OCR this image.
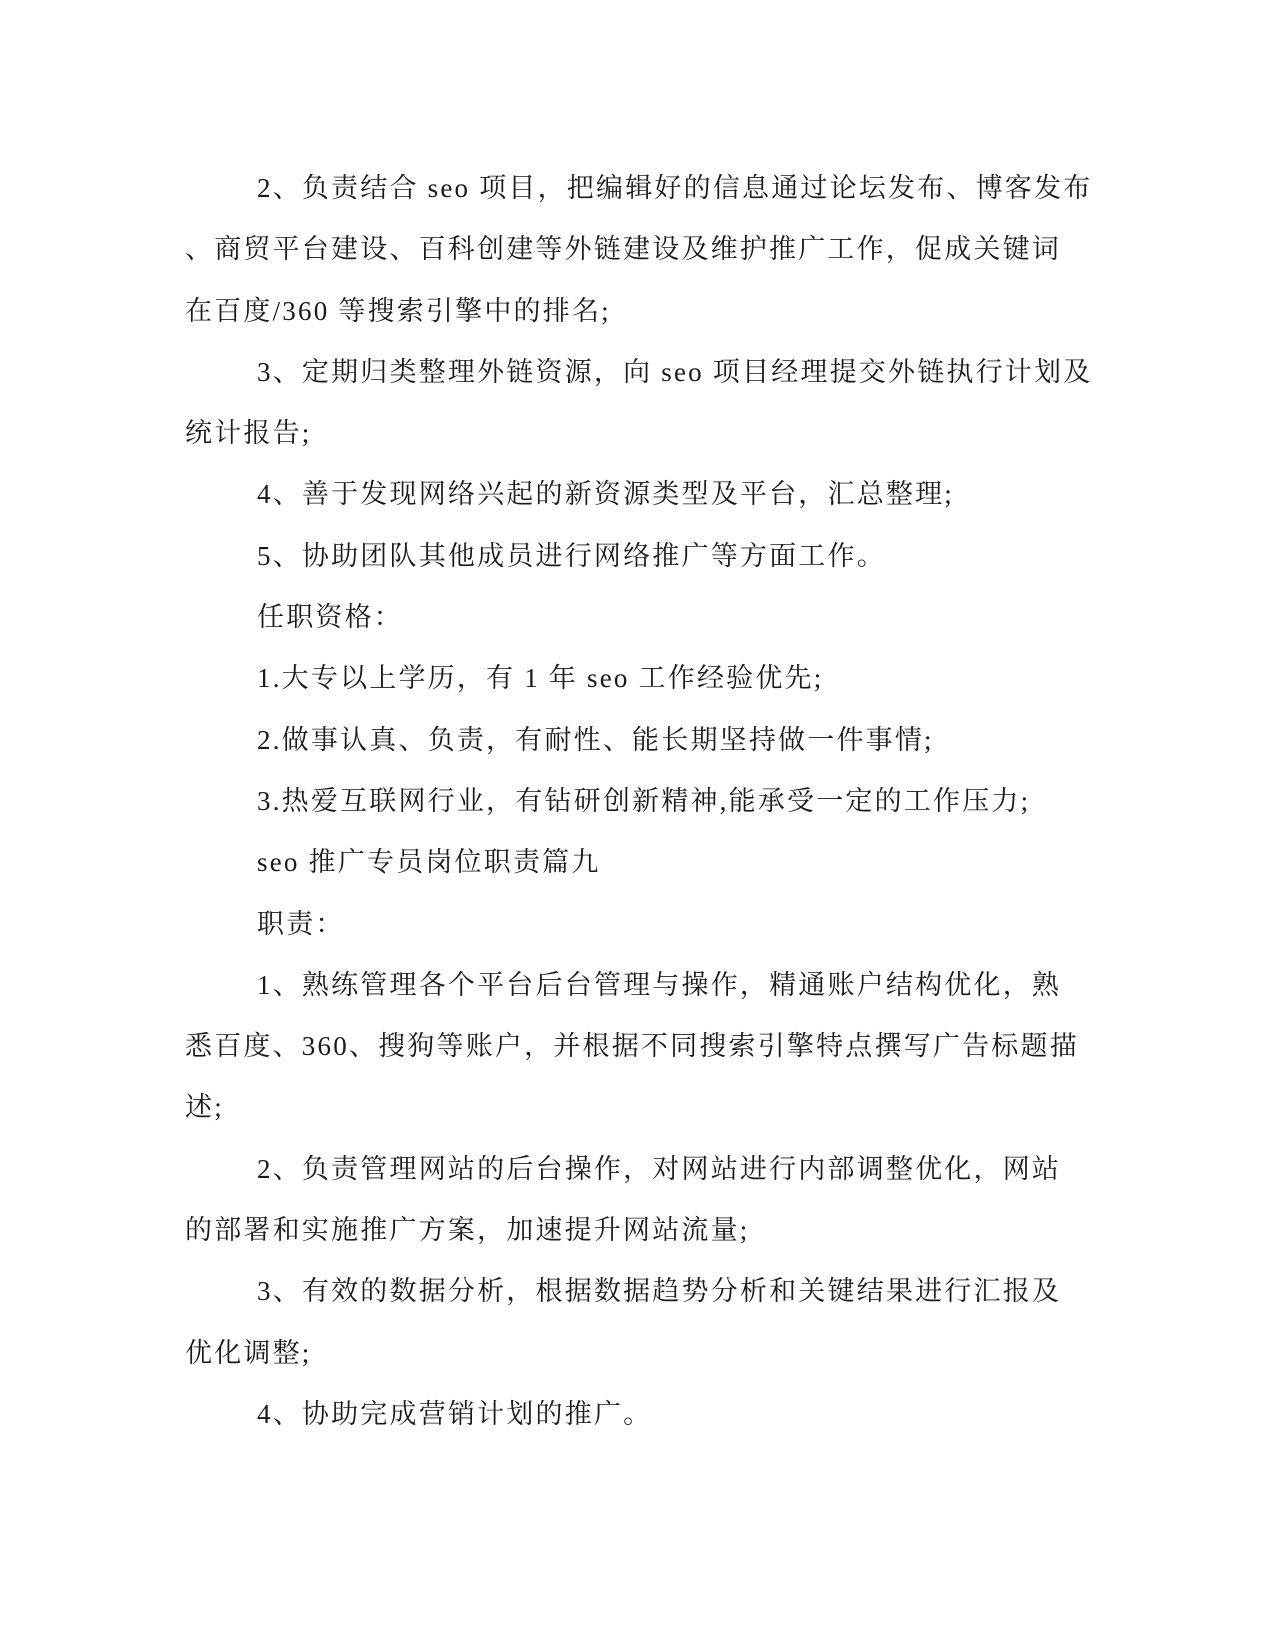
2、负责结合 seo 项目，把编辑好的信息通过论坛发布、博客发布
、商贸平台建设、百科创建等外链建设及维护推广工作，促成关键词
在百度/360 等搜索引擎中的排名;
3、定期归类整理外链资源，向 seo 项目经理提交外链执行计划及
统计报告;
4、善于发现网络兴起的新资源类型及平台，汇总整理;
5、协助团队其他成员进行网络推广等方面工作。
任职资格：
1.大专以上学历，有 1 年 seo 工作经验优先;
2.做事认真、负责，有耐性、能长期坚持做一件事情;
3.热爱互联网行业，有钻研创新精神,能承受一定的工作压力;
seo 推广专员岗位职责篇九
职责：
1、熟练管理各个平台后台管理与操作，精通账户结构优化，熟
悉百度、360、搜狗等账户，并根据不同搜索引擎特点撰写广告标题描
述;
2、负责管理网站的后台操作，对网站进行内部调整优化，网站
的部署和实施推广方案，加速提升网站流量;
3、有效的数据分析，根据数据趋势分析和关键结果进行汇报及
优化调整;
4、协助完成营销计划的推广。
